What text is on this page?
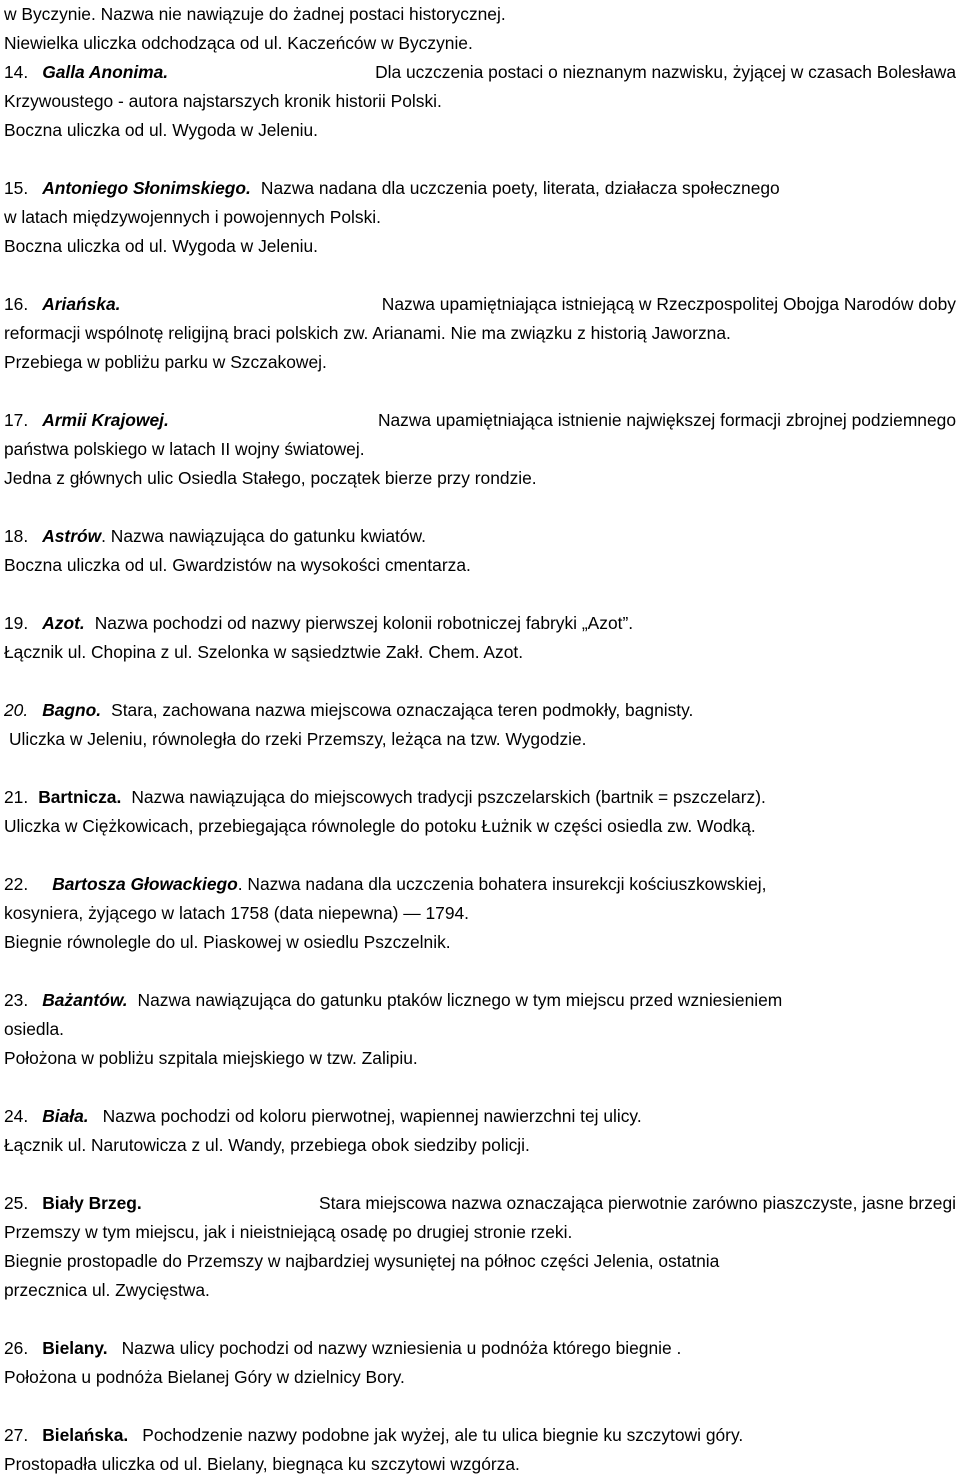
w Byczynie. Nazwa nie nawiązuje do żadnej postaci historycznej.
Niewielka uliczka odchodząca od ul. Kaczeńców w Byczynie.
14. Galla Anonima.	Dla uczczenia postaci o nieznanym nazwisku, żyjącej w czasach Bolesława
Krzywoustego - autora najstarszych kronik historii Polski.
Boczna uliczka od ul. Wygoda w Jeleniu.
15. Antoniego Słonimskiego. Nazwa nadana dla uczczenia poety, literata, działacza społecznego
w latach międzywojennych i powojennych Polski.
Boczna uliczka od ul. Wygoda w Jeleniu.
16. Ariańska.	Nazwa upamiętniająca istniejącą w Rzeczpospolitej Obojga Narodów doby
reformacji wspólnotę religijną braci polskich zw. Arianami. Nie ma związku z historią Jaworzna.
Przebiega w pobliżu parku w Szczakowej.
17. Armii Krajowej.	Nazwa upamiętniająca istnienie największej formacji zbrojnej podziemnego
państwa polskiego w latach II wojny światowej.
Jedna z głównych ulic Osiedla Stałego, początek bierze przy rondzie.
18. Astrów. Nazwa nawiązująca do gatunku kwiatów.
Boczna uliczka od ul. Gwardzistów na wysokości cmentarza.
19. Azot. Nazwa pochodzi od nazwy pierwszej kolonii robotniczej fabryki „Azot”.
Łącznik ul. Chopina z ul. Szelonka w sąsiedztwie Zakł. Chem. Azot.
20. Bagno. Stara, zachowana nazwa miejscowa oznaczająca teren podmokły, bagnisty.
Uliczka w Jeleniu, równoległa do rzeki Przemszy, leżąca na tzw. Wygodzie.
21. Bartnicza. Nazwa nawiązująca do miejscowych tradycji pszczelarskich (bartnik = pszczelarz).
Uliczka w Ciężkowicach, przebiegająca równolegle do potoku Łużnik w części osiedla zw. Wodką.
22. Bartosza Głowackiego. Nazwa nadana dla uczczenia bohatera insurekcji kościuszkowskiej,
kosyniera, żyjącego w latach 1758 (data niepewna) — 1794.
Biegnie równolegle do ul. Piaskowej w osiedlu Pszczelnik.
23. Bażantów. Nazwa nawiązująca do gatunku ptaków licznego w tym miejscu przed wzniesieniem
osiedla.
Położona w pobliżu szpitala miejskiego w tzw. Zalipiu.
24. Biała. Nazwa pochodzi od koloru pierwotnej, wapiennej nawierzchni tej ulicy.
Łącznik ul. Narutowicza z ul. Wandy, przebiega obok siedziby policji.
25. Biały Brzeg.	Stara miejscowa nazwa oznaczająca pierwotnie zarówno piaszczyste, jasne brzegi
Przemszy w tym miejscu, jak i nieistniejącą osadę po drugiej stronie rzeki.
Biegnie prostopadle do Przemszy w najbardziej wysuniętej na północ części Jelenia, ostatnia
przecznica ul. Zwycięstwa.
26. Bielany. Nazwa ulicy pochodzi od nazwy wzniesienia u podnóża którego biegnie .
Położona u podnóża Bielanej Góry w dzielnicy Bory.
27. Bielańska. Pochodzenie nazwy podobne jak wyżej, ale tu ulica biegnie ku szczytowi góry.
Prostopadła uliczka od ul. Bielany, biegnąca ku szczytowi wzgórza.
